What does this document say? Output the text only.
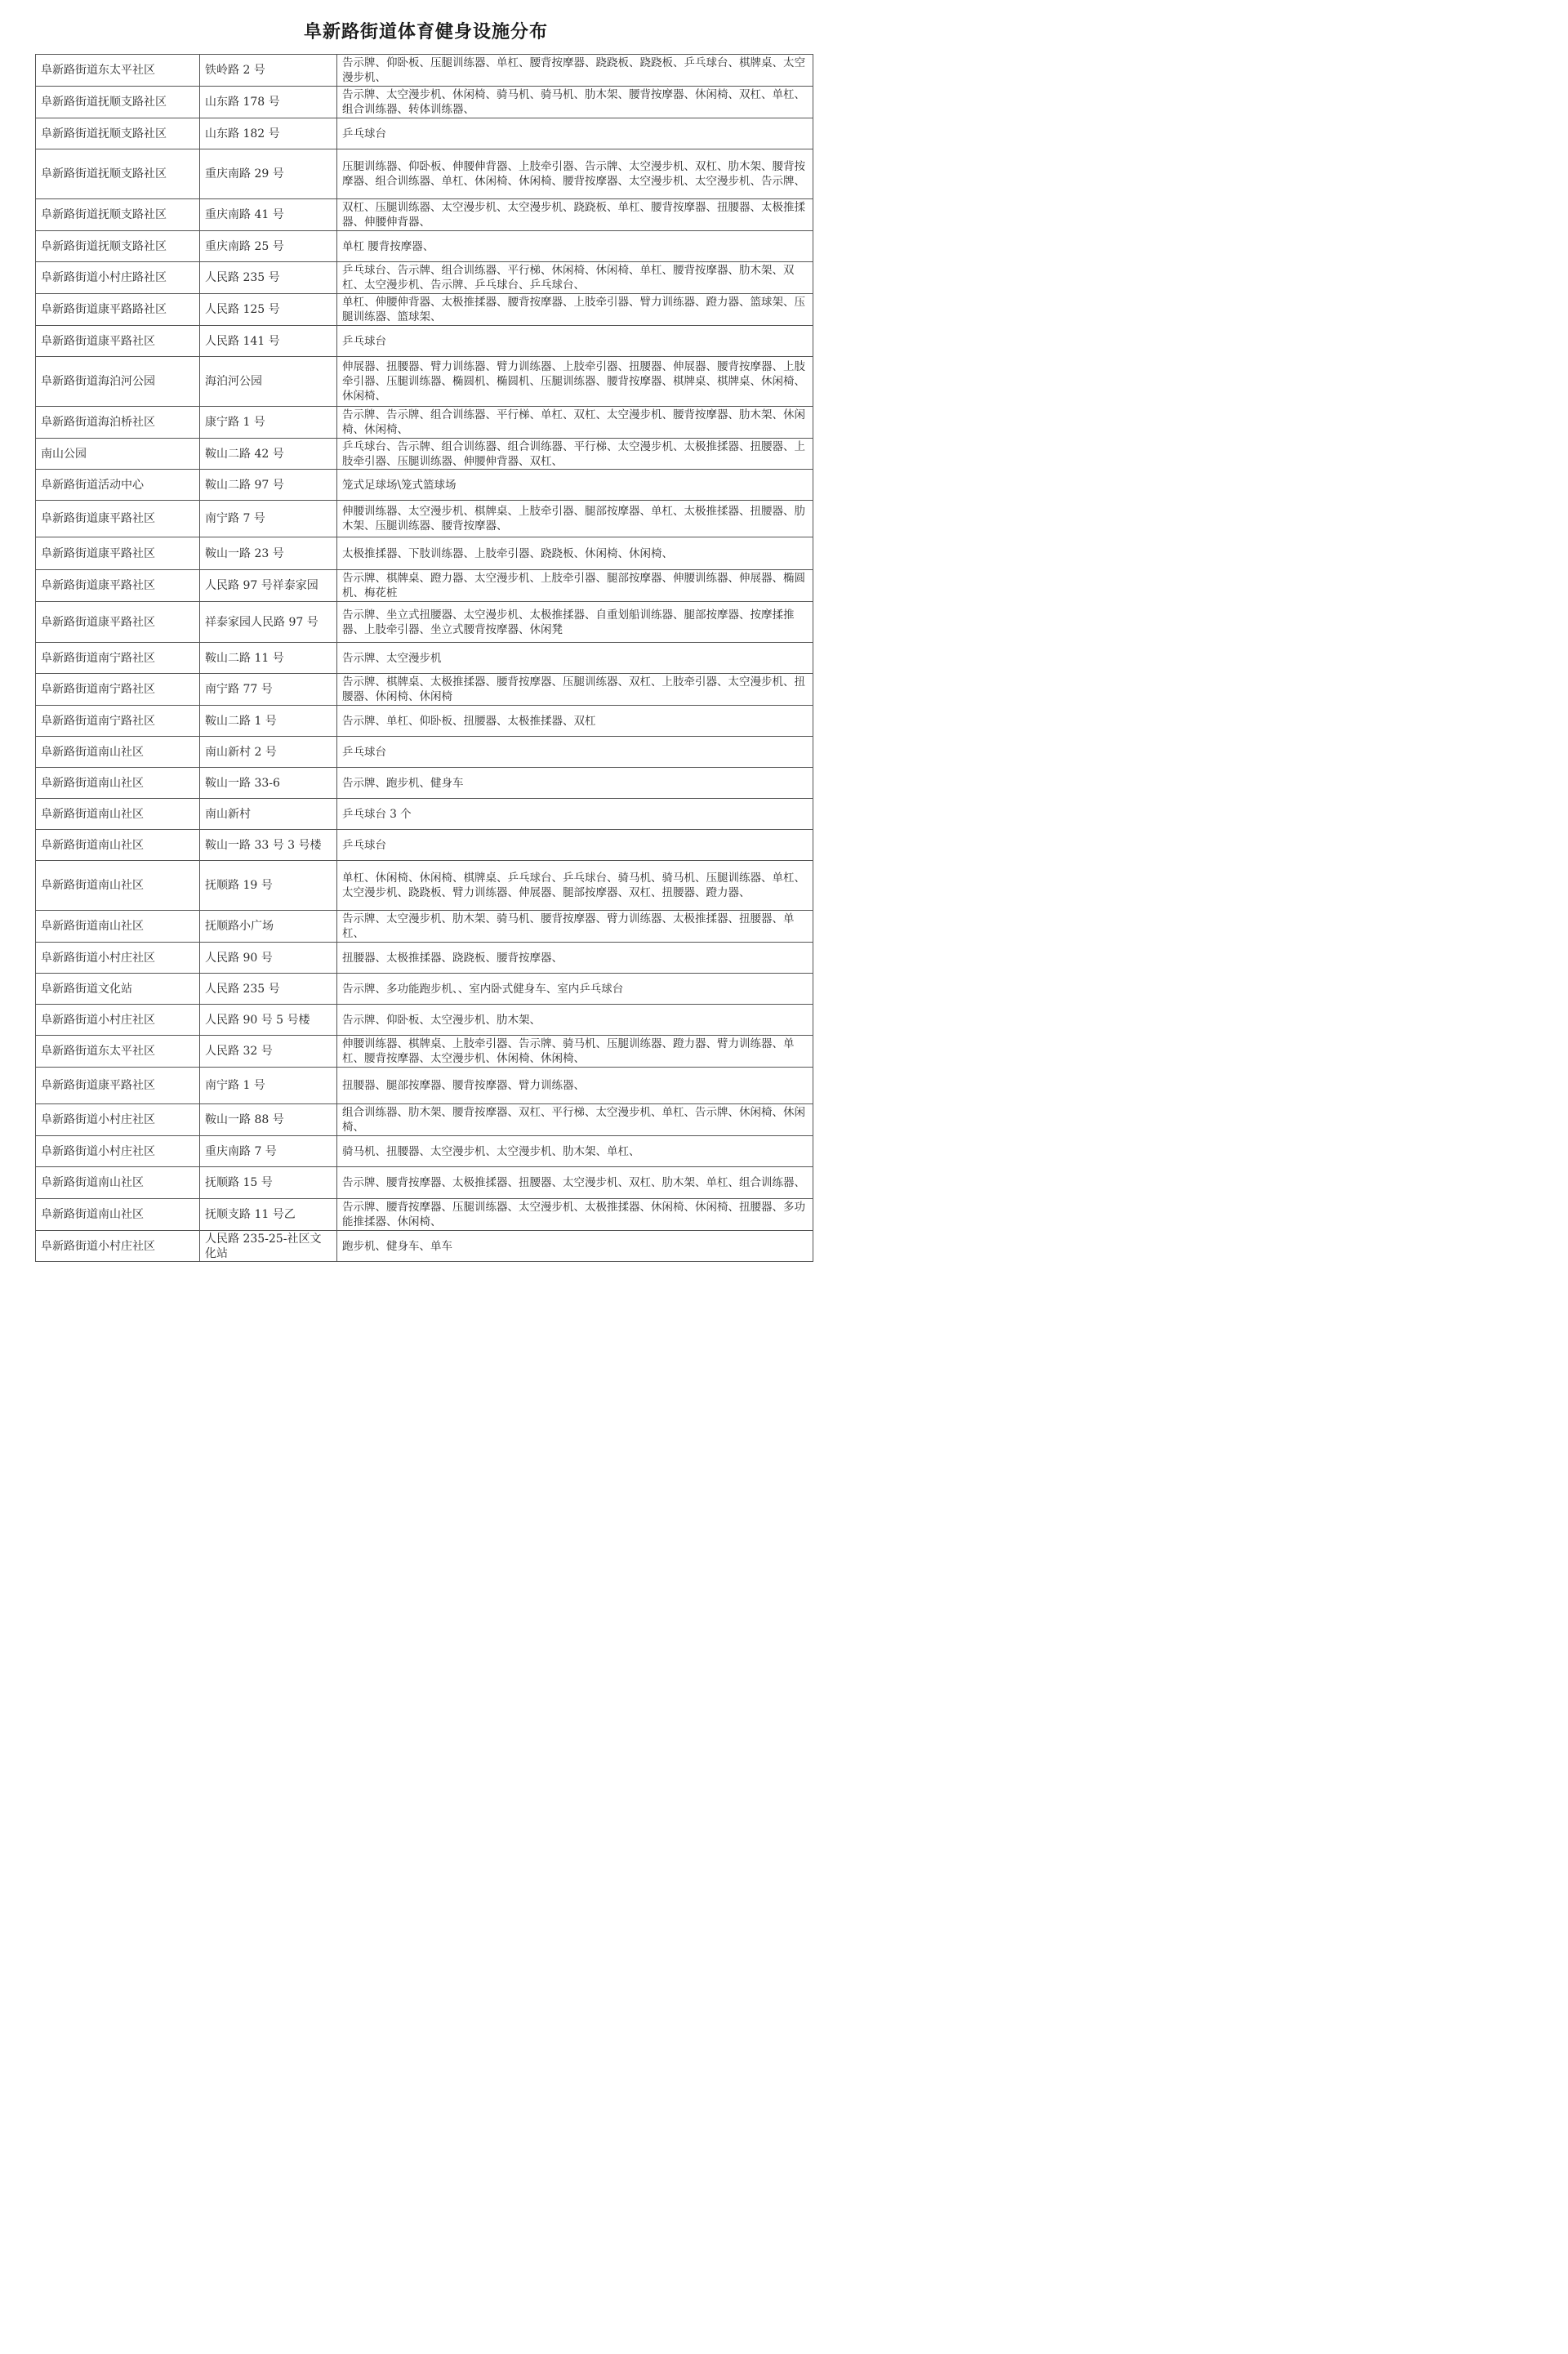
阜新路街道体育健身设施分布
阜新路街道东太平社区	铁岭路 2 号	告示牌、仰卧板、压腿训练器、单杠、腰背按摩器、跷跷板、跷跷板、乒乓球台、棋牌桌、太空漫步机、
阜新路街道抚顺支路社区	山东路 178 号	告示牌、太空漫步机、休闲椅、骑马机、骑马机、肋木架、腰背按摩器、休闲椅、双杠、单杠、组合训练器、转体训练器、
阜新路街道抚顺支路社区	山东路 182 号	乒乓球台
阜新路街道抚顺支路社区	重庆南路 29 号	压腿训练器、仰卧板、伸腰伸背器、上肢牵引器、告示牌、太空漫步机、双杠、肋木架、腰背按摩器、组合训练器、单杠、休闲椅、休闲椅、腰背按摩器、太空漫步机、太空漫步机、告示牌、
阜新路街道抚顺支路社区	重庆南路 41 号	双杠、压腿训练器、太空漫步机、太空漫步机、跷跷板、单杠、腰背按摩器、扭腰器、太极推揉器、伸腰伸背器、
阜新路街道抚顺支路社区	重庆南路 25 号	单杠 腰背按摩器、
阜新路街道小村庄路社区	人民路 235 号	乒乓球台、告示牌、组合训练器、平行梯、休闲椅、休闲椅、单杠、腰背按摩器、肋木架、双杠、太空漫步机、告示牌、乒乓球台、乒乓球台、
阜新路街道康平路路社区	人民路 125 号	单杠、伸腰伸背器、太极推揉器、腰背按摩器、上肢牵引器、臂力训练器、蹬力器、篮球架、压腿训练器、篮球架、
阜新路街道康平路社区	人民路 141 号	乒乓球台
阜新路街道海泊河公园	海泊河公园	伸展器、扭腰器、臂力训练器、臂力训练器、上肢牵引器、扭腰器、伸展器、腰背按摩器、上肢牵引器、压腿训练器、椭圆机、椭圆机、压腿训练器、腰背按摩器、棋牌桌、棋牌桌、休闲椅、休闲椅、
阜新路街道海泊桥社区	康宁路 1 号	告示牌、告示牌、组合训练器、平行梯、单杠、双杠、太空漫步机、腰背按摩器、肋木架、休闲椅、休闲椅、
南山公园	鞍山二路 42 号	乒乓球台、告示牌、组合训练器、组合训练器、平行梯、太空漫步机、太极推揉器、扭腰器、上肢牵引器、压腿训练器、伸腰伸背器、双杠、
阜新路街道活动中心	鞍山二路 97 号	笼式足球场\笼式篮球场
阜新路街道康平路社区	南宁路 7 号	伸腰训练器、太空漫步机、棋牌桌、上肢牵引器、腿部按摩器、单杠、太极推揉器、扭腰器、肋木架、压腿训练器、腰背按摩器、
阜新路街道康平路社区	鞍山一路 23 号	太极推揉器、下肢训练器、上肢牵引器、跷跷板、休闲椅、休闲椅、
阜新路街道康平路社区	人民路 97 号祥泰家园	告示牌、棋牌桌、蹬力器、太空漫步机、上肢牵引器、腿部按摩器、伸腰训练器、伸展器、椭圆机、梅花桩
阜新路街道康平路社区	祥泰家园人民路 97 号	告示牌、坐立式扭腰器、太空漫步机、太极推揉器、自重划船训练器、腿部按摩器、按摩揉推器、上肢牵引器、坐立式腰背按摩器、休闲凳
阜新路街道南宁路社区	鞍山二路 11 号	告示牌、太空漫步机
阜新路街道南宁路社区	南宁路 77 号	告示牌、棋牌桌、太极推揉器、腰背按摩器、压腿训练器、双杠、上肢牵引器、太空漫步机、扭腰器、休闲椅、休闲椅
阜新路街道南宁路社区	鞍山二路 1 号	告示牌、单杠、仰卧板、扭腰器、太极推揉器、双杠
阜新路街道南山社区	南山新村 2 号	乒乓球台
阜新路街道南山社区	鞍山一路 33-6	告示牌、跑步机、健身车
阜新路街道南山社区	南山新村	乒乓球台 3 个
阜新路街道南山社区	鞍山一路 33 号 3 号楼	乒乓球台
阜新路街道南山社区	抚顺路 19 号	单杠、休闲椅、休闲椅、棋牌桌、乒乓球台、乒乓球台、骑马机、骑马机、压腿训练器、单杠、太空漫步机、跷跷板、臂力训练器、伸展器、腿部按摩器、双杠、扭腰器、蹬力器、
阜新路街道南山社区	抚顺路小广场	告示牌、太空漫步机、肋木架、骑马机、腰背按摩器、臂力训练器、太极推揉器、扭腰器、单杠、
阜新路街道小村庄社区	人民路 90 号	扭腰器、太极推揉器、跷跷板、腰背按摩器、
阜新路街道文化站	人民路 235 号	告示牌、多功能跑步机、、室内卧式健身车、室内乒乓球台
阜新路街道小村庄社区	人民路 90 号 5 号楼	告示牌、仰卧板、太空漫步机、肋木架、
阜新路街道东太平社区	人民路 32 号	伸腰训练器、棋牌桌、上肢牵引器、告示牌、骑马机、压腿训练器、蹬力器、臂力训练器、单杠、腰背按摩器、太空漫步机、休闲椅、休闲椅、
阜新路街道康平路社区	南宁路 1 号	扭腰器、腿部按摩器、腰背按摩器、臂力训练器、
阜新路街道小村庄社区	鞍山一路 88 号	组合训练器、肋木架、腰背按摩器、双杠、平行梯、太空漫步机、单杠、告示牌、休闲椅、休闲椅、
阜新路街道小村庄社区	重庆南路 7 号	骑马机、扭腰器、太空漫步机、太空漫步机、肋木架、单杠、
阜新路街道南山社区	抚顺路 15 号	告示牌、腰背按摩器、太极推揉器、扭腰器、太空漫步机、双杠、肋木架、单杠、组合训练器、
阜新路街道南山社区	抚顺支路 11 号乙	告示牌、腰背按摩器、压腿训练器、太空漫步机、太极推揉器、休闲椅、休闲椅、扭腰器、多功能推揉器、休闲椅、
阜新路街道小村庄社区	人民路 235-25-社区文化站	跑步机、健身车、单车
